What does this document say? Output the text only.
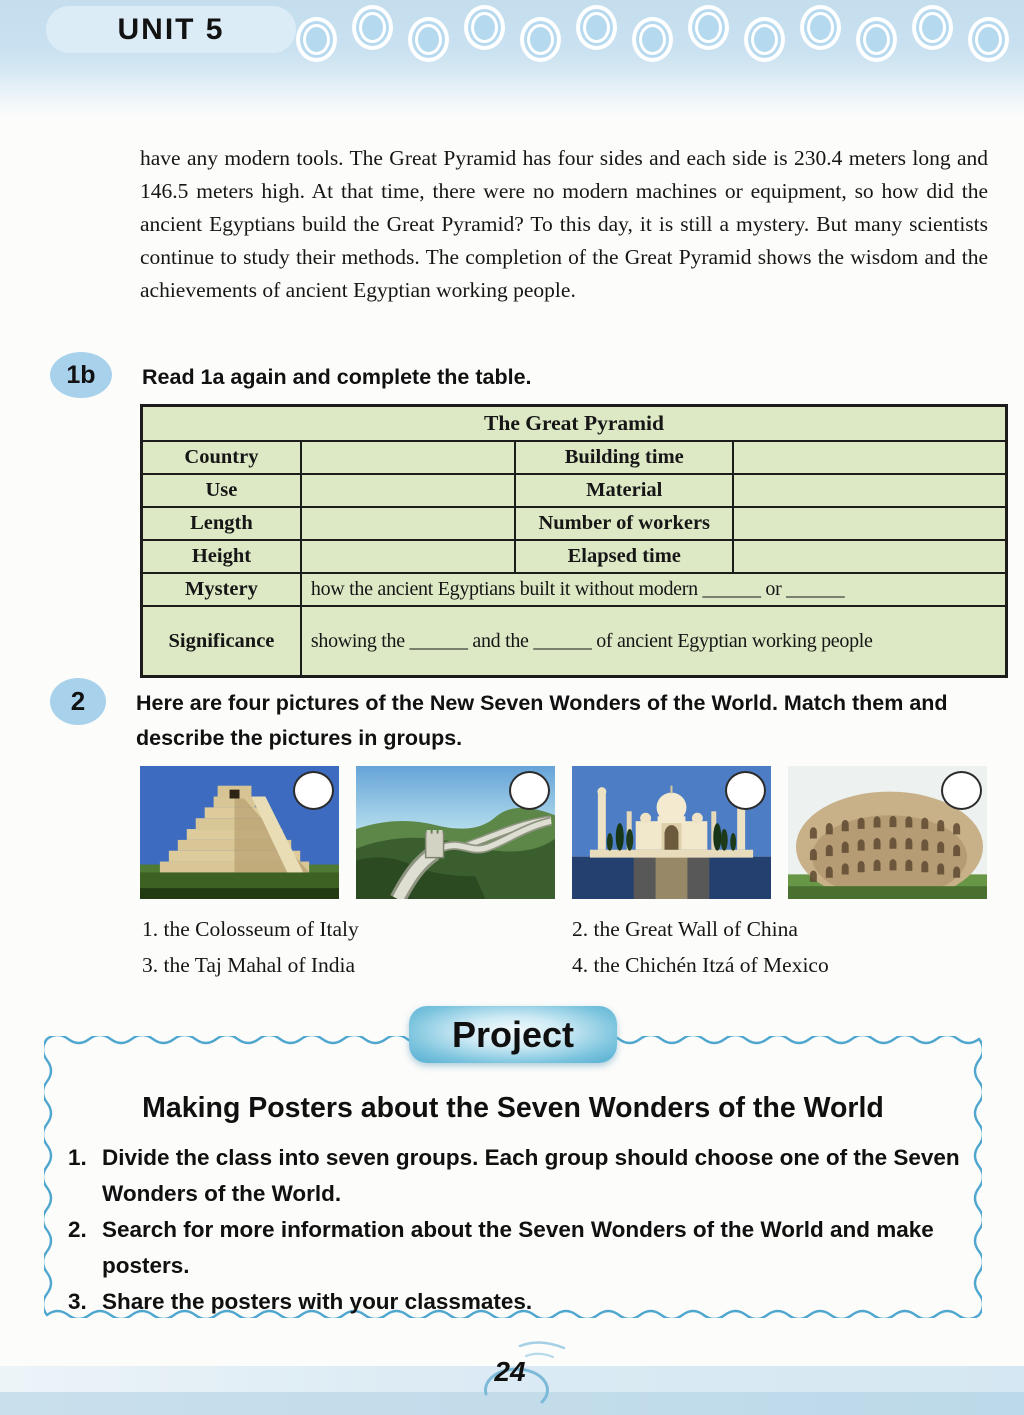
UNIT 5

have any modern tools. The Great Pyramid has four sides and each side is 230.4 meters long and 146.5 meters high. At that time, there were no modern machines or equipment, so how did the ancient Egyptians build the Great Pyramid? To this day, it is still a mystery. But many scientists continue to study their methods. The completion of the Great Pyramid shows the wisdom and the achievements of ancient Egyptian working people.

1b	Read 1a again and complete the table.
The Great Pyramid			
Country		Building time	
Use		Material	
Length		Number of workers	
Height		Elapsed time	
Mystery	how the ancient Egyptians built it without modern ______ or ______		
Significance	showing the ______ and the ______ of ancient Egyptian working people		
2	Here are four pictures of the New Seven Wonders of the World. Match them and describe the pictures in groups.
1. the Colosseum of Italy	2. the Great Wall of China
3. the Taj Mahal of India	4. the Chichén Itzá of Mexico
Project
Making Posters about the Seven Wonders of the World
1. Divide the class into seven groups. Each group should choose one of the Seven Wonders of the World.
2. Search for more information about the Seven Wonders of the World and make posters.
3. Share the posters with your classmates.
24
